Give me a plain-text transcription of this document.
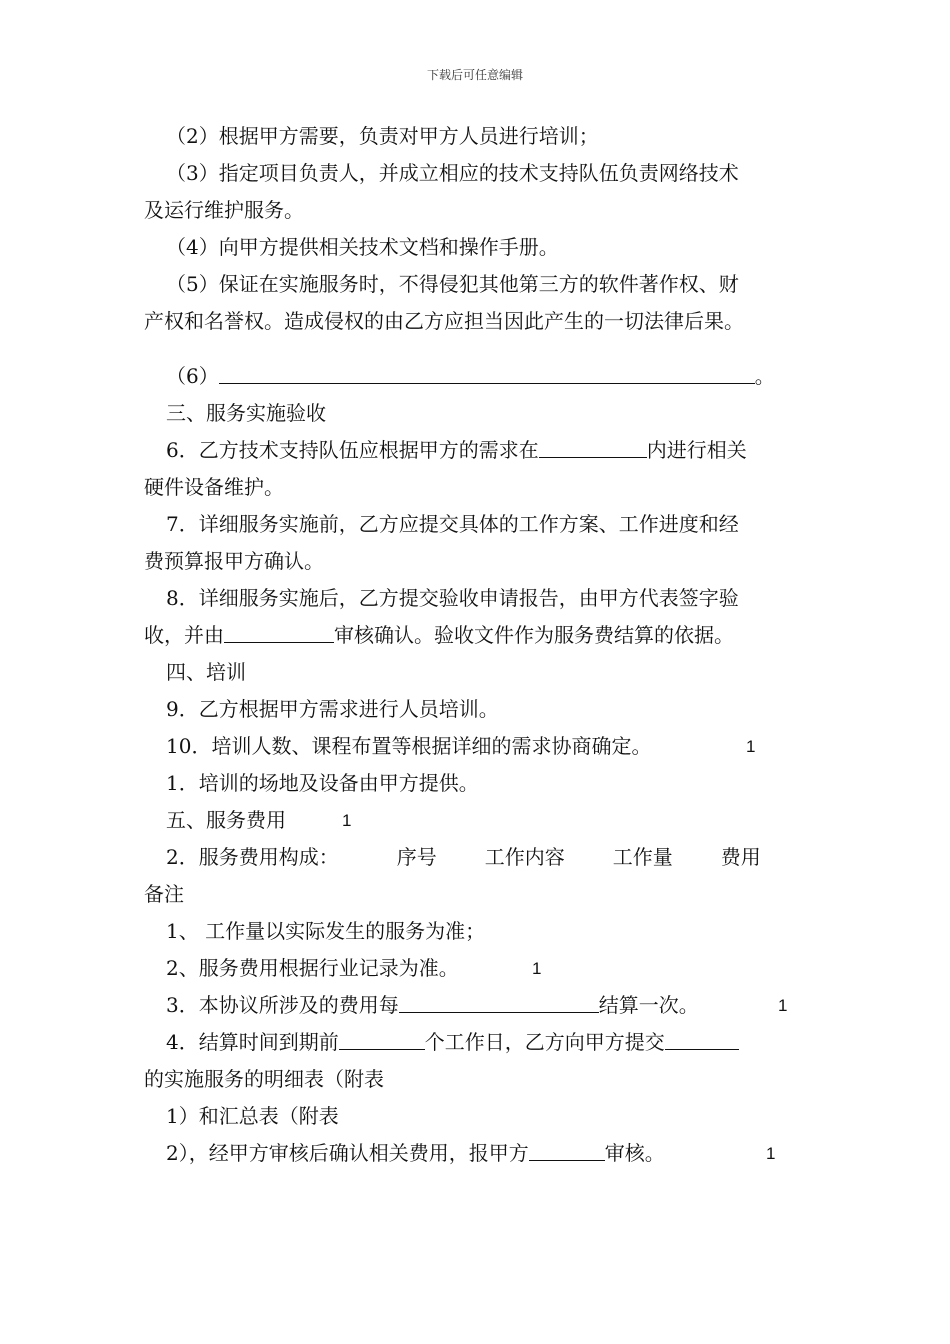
下载后可任意编辑
（2）根据甲方需要，负责对甲方人员进行培训；
（3）指定项目负责人，并成立相应的技术支持队伍负责网络技术
及运行维护服务。
（4）向甲方提供相关技术文档和操作手册。
（5）保证在实施服务时，不得侵犯其他第三方的软件著作权、财
产权和名誉权。造成侵权的由乙方应担当因此产生的一切法律后果。
（6）	。
三、服务实施验收
6．乙方技术支持队伍应根据甲方的需求在	内进行相关
硬件设备维护。
7．详细服务实施前，乙方应提交具体的工作方案、工作进度和经
费预算报甲方确认。
8．详细服务实施后，乙方提交验收申请报告，由甲方代表签字验
收，并由	审核确认。验收文件作为服务费结算的依据。
四、培训
9．乙方根据甲方需求进行人员培训。
10．培训人数、课程布置等根据详细的需求协商确定。	1
1．培训的场地及设备由甲方提供。
五、服务费用	1
2．服务费用构成：	序号 工作内容 工作量 费用
备注
1、 工作量以实际发生的服务为准；
2、服务费用根据行业记录为准。	1
3．本协议所涉及的费用每	结算一次。	1
4．结算时间到期前	个工作日，乙方向甲方提交
的实施服务的明细表（附表
1）和汇总表（附表
2），经甲方审核后确认相关费用，报甲方	审核。	1
